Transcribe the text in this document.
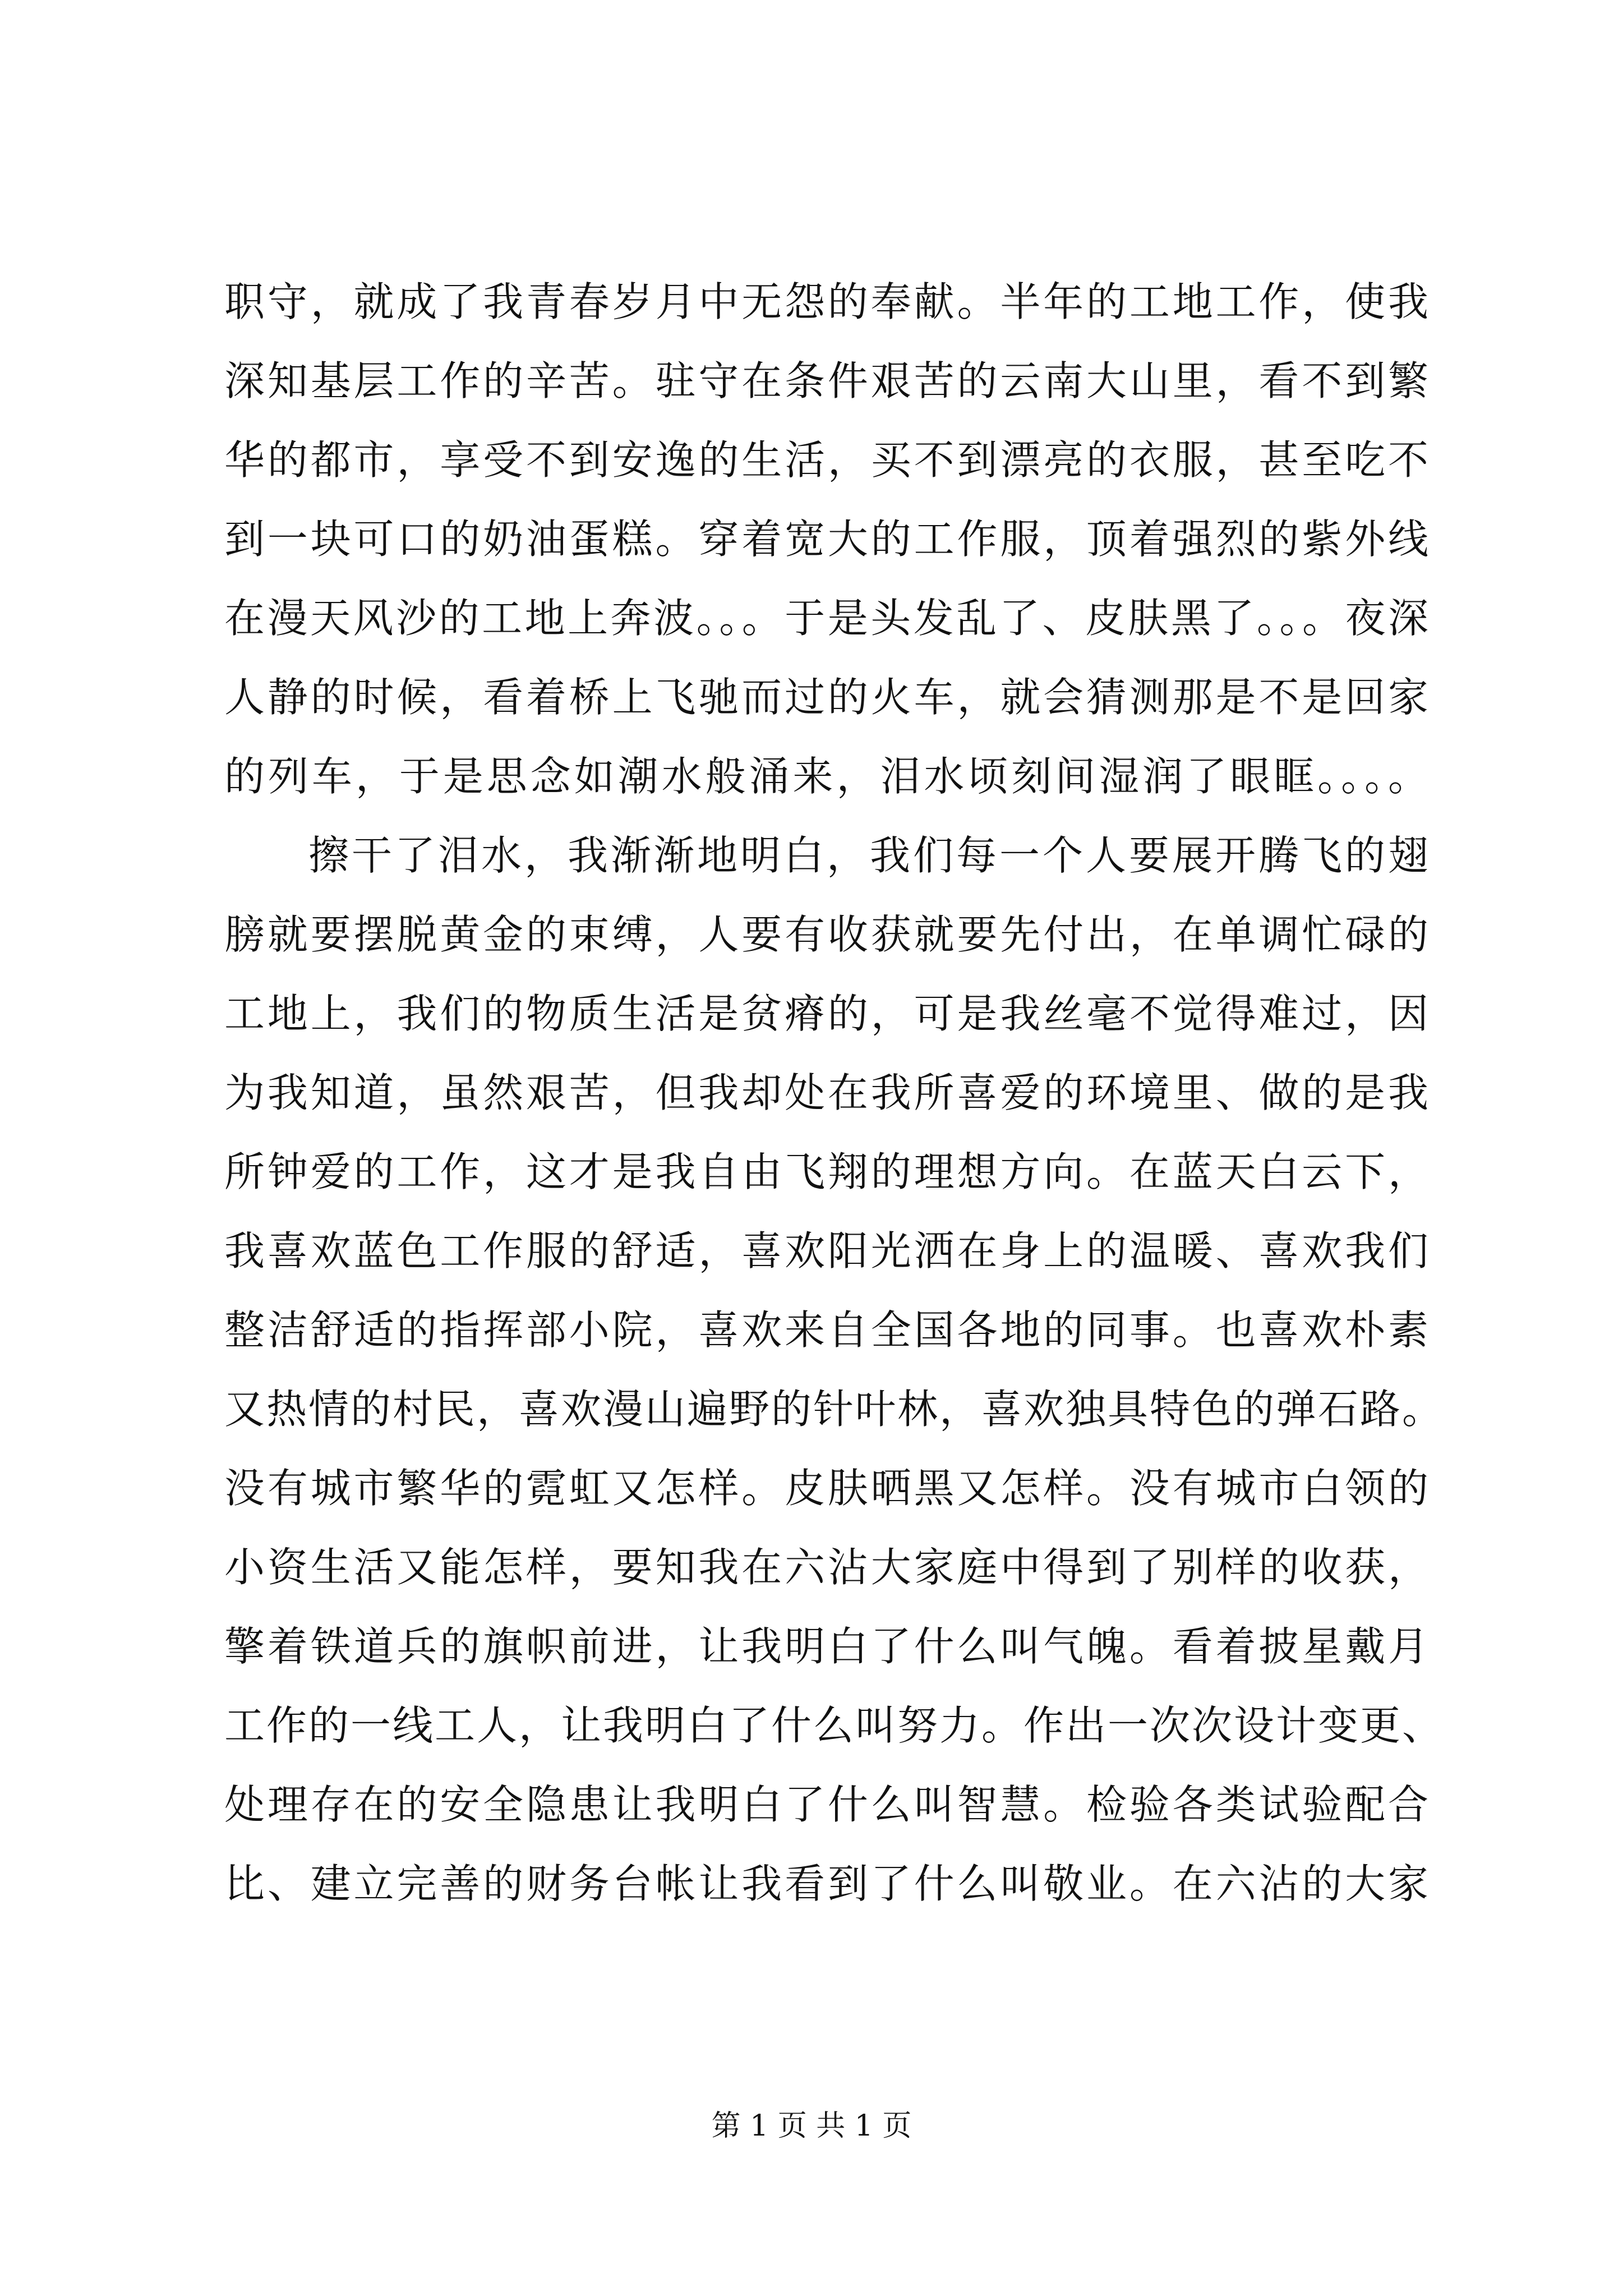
职守，就成了我青春岁月中无怨的奉献。半年的工地工作，使我
深知基层工作的辛苦。驻守在条件艰苦的云南大山里，看不到繁
华的都市，享受不到安逸的生活，买不到漂亮的衣服，甚至吃不
到一块可口的奶油蛋糕。穿着宽大的工作服，顶着强烈的紫外线
在漫天风沙的工地上奔波。。。于是头发乱了、皮肤黑了。。。夜深
人静的时候，看着桥上飞驰而过的火车，就会猜测那是不是回家
的列车，于是思念如潮水般涌来，泪水顷刻间湿润了眼眶。。。。
擦干了泪水，我渐渐地明白，我们每一个人要展开腾飞的翅
膀就要摆脱黄金的束缚，人要有收获就要先付出，在单调忙碌的
工地上，我们的物质生活是贫瘠的，可是我丝毫不觉得难过，因
为我知道，虽然艰苦，但我却处在我所喜爱的环境里、做的是我
所钟爱的工作，这才是我自由飞翔的理想方向。在蓝天白云下，
我喜欢蓝色工作服的舒适，喜欢阳光洒在身上的温暖、喜欢我们
整洁舒适的指挥部小院，喜欢来自全国各地的同事。也喜欢朴素
又热情的村民，喜欢漫山遍野的针叶林，喜欢独具特色的弹石路。
没有城市繁华的霓虹又怎样。皮肤晒黑又怎样。没有城市白领的
小资生活又能怎样，要知我在六沾大家庭中得到了别样的收获，
擎着铁道兵的旗帜前进，让我明白了什么叫气魄。看着披星戴月
工作的一线工人，让我明白了什么叫努力。作出一次次设计变更、
处理存在的安全隐患让我明白了什么叫智慧。检验各类试验配合
比、建立完善的财务台帐让我看到了什么叫敬业。在六沾的大家
第 1 页 共 1 页
